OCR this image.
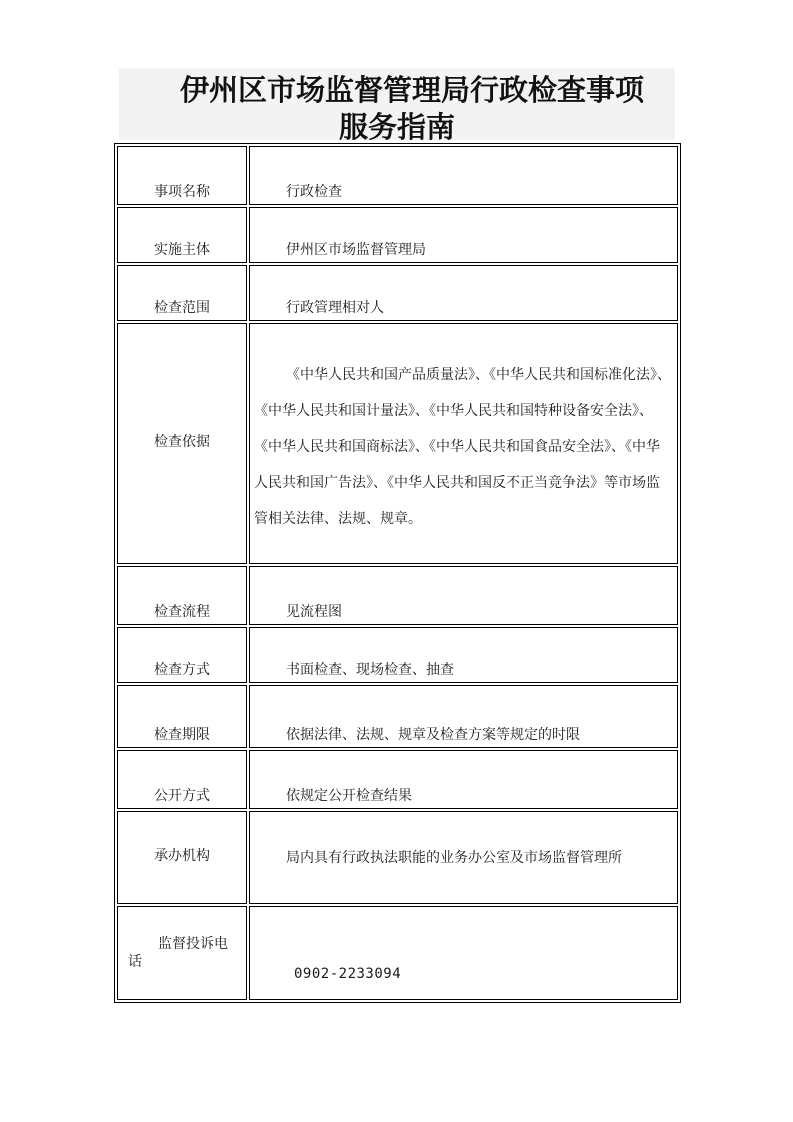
伊州区市场监督管理局行政检查事项
服务指南
事项名称	行政检查
实施主体	伊州区市场监督管理局
检查范围	行政管理相对人
检查依据	《中华人民共和国产品质量法》、《中华人民共和国标准化法》、《中华人民共和国计量法》、《中华人民共和国特种设备安全法》、《中华人民共和国商标法》、《中华人民共和国食品安全法》、《中华人民共和国广告法》、《中华人民共和国反不正当竞争法》等市场监管相关法律、法规、规章。
检查流程	见流程图
检查方式	书面检查、现场检查、抽查
检查期限	依据法律、法规、规章及检查方案等规定的时限
公开方式	依规定公开检查结果
承办机构	局内具有行政执法职能的业务办公室及市场监督管理所

监督投诉电
话	0902-2233094
